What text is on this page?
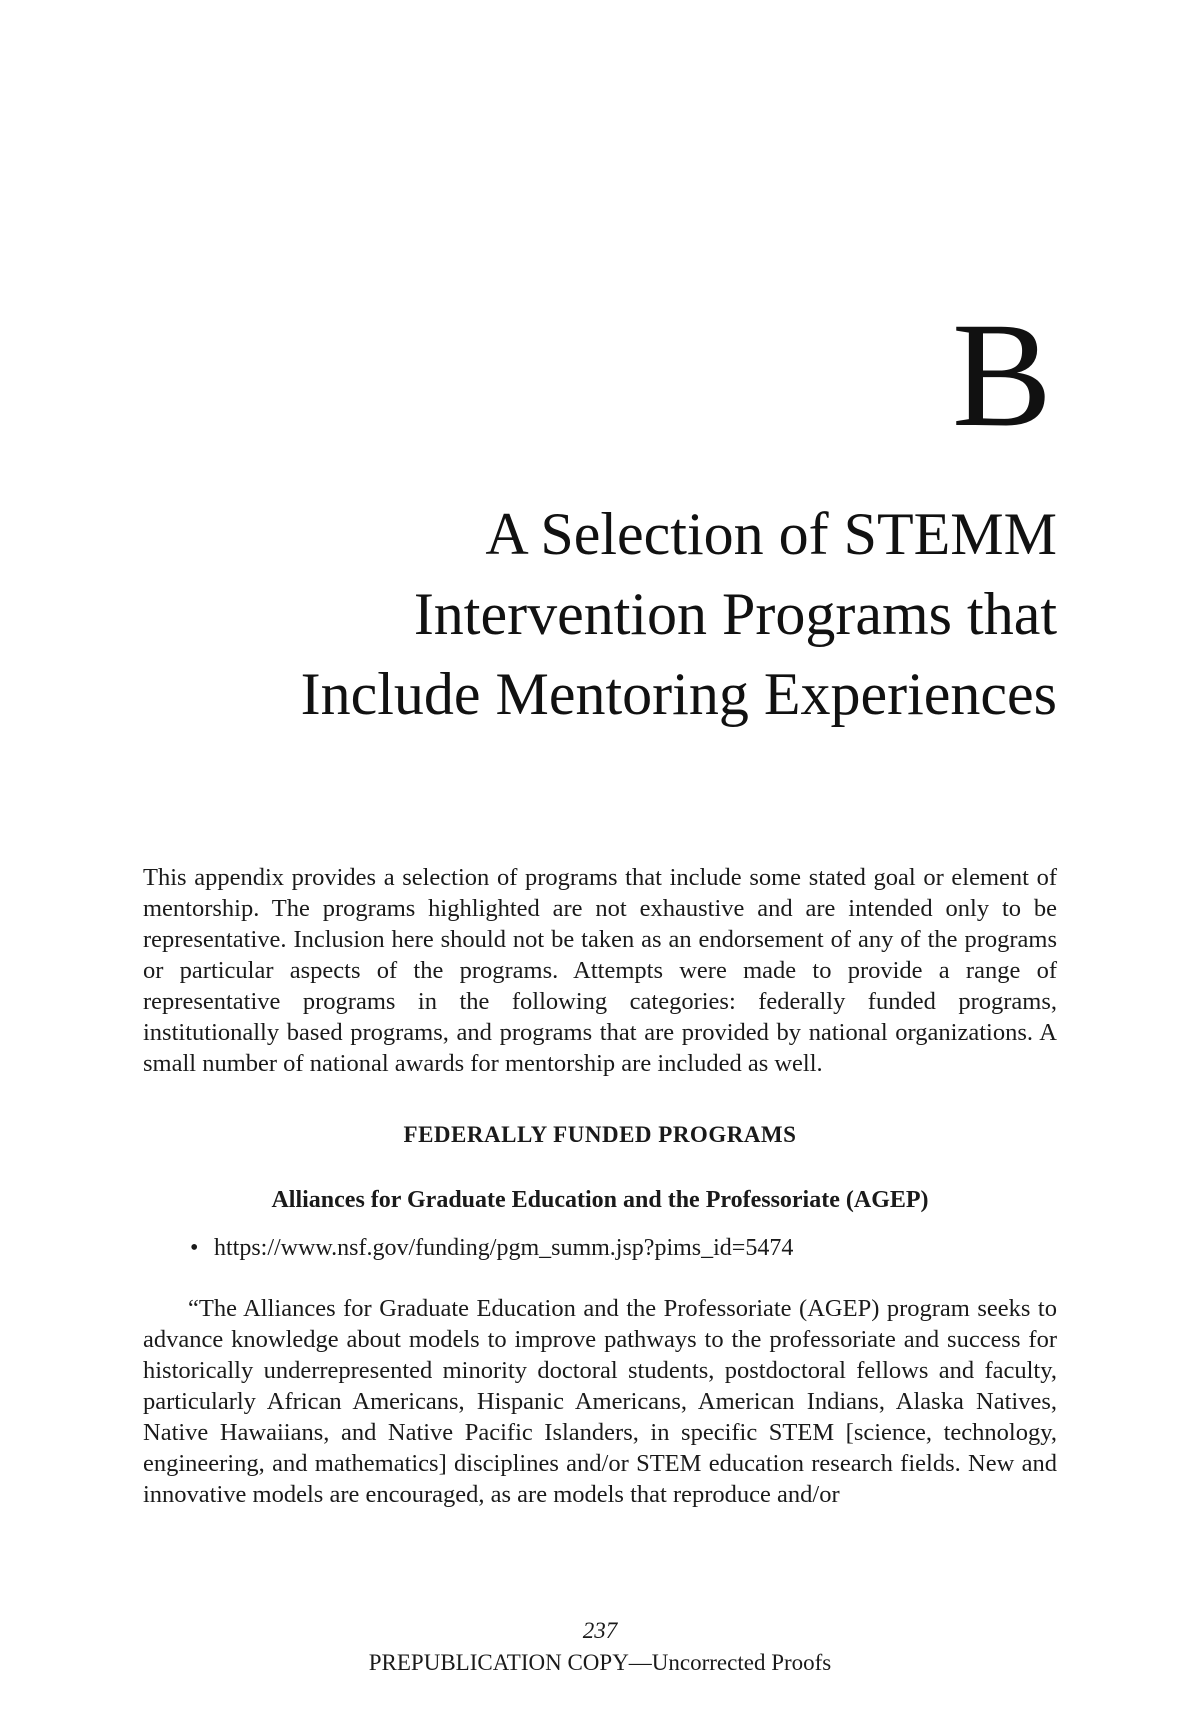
B
A Selection of STEMM
Intervention Programs that
Include Mentoring Experiences

This appendix provides a selection of programs that include some stated goal or element of mentorship. The programs highlighted are not exhaustive and are intended only to be representative. Inclusion here should not be taken as an endorsement of any of the programs or particular aspects of the programs. Attempts were made to provide a range of representative programs in the following categories: federally funded programs, institutionally based programs, and programs that are provided by national organizations. A small number of national awards for mentorship are included as well.

FEDERALLY FUNDED PROGRAMS
Alliances for Graduate Education and the Professoriate (AGEP)
• https://www.nsf.gov/funding/pgm_summ.jsp?pims_id=5474

“The Alliances for Graduate Education and the Professoriate (AGEP) program seeks to advance knowledge about models to improve pathways to the professoriate and success for historically underrepresented minority doctoral students, postdoctoral fellows and faculty, particularly African Americans, Hispanic Americans, American Indians, Alaska Natives, Native Hawaiians, and Native Pacific Islanders, in specific STEM [science, technology, engineering, and mathematics] disciplines and/or STEM education research fields. New and innovative models are encouraged, as are models that reproduce and/or

237

PREPUBLICATION COPY—Uncorrected Proofs
